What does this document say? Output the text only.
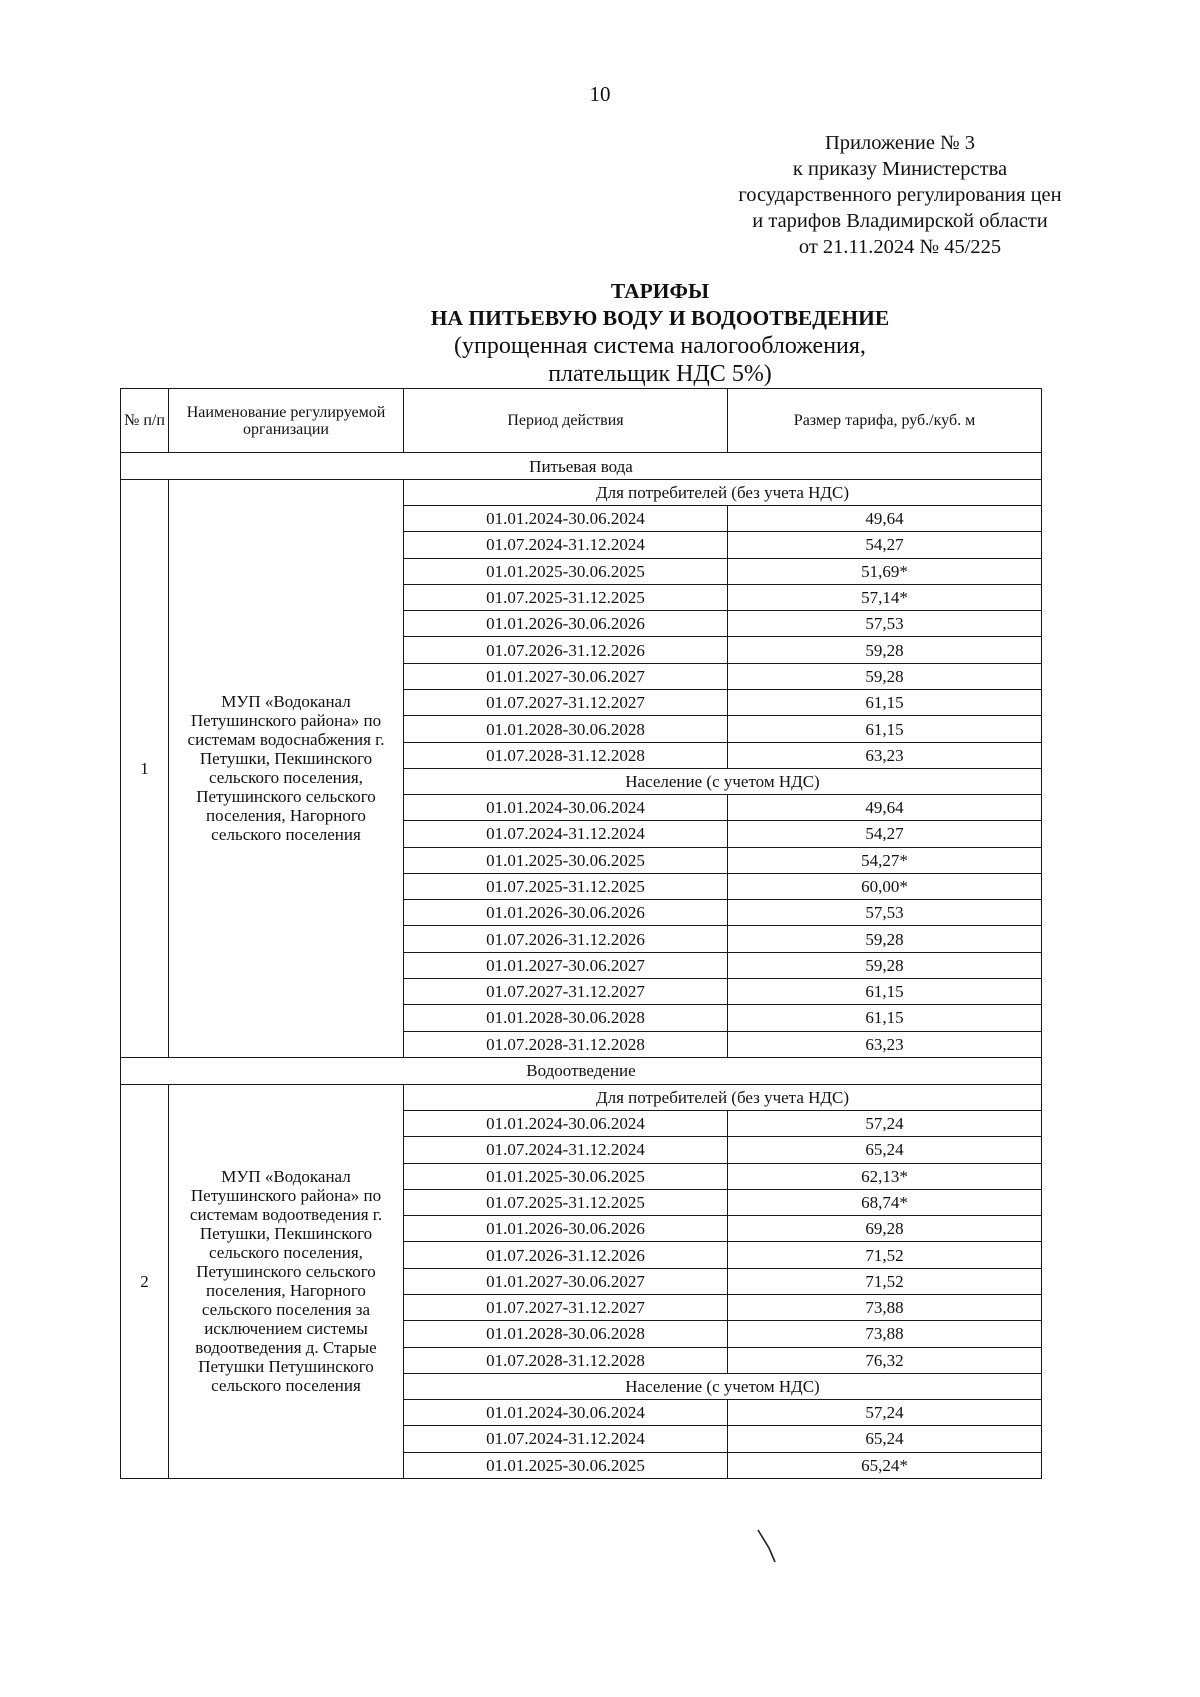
10
Приложение № 3
к приказу Министерства
государственного регулирования цен
и тарифов Владимирской области
от 21.11.2024 № 45/225
ТАРИФЫ
НА ПИТЬЕВУЮ ВОДУ И ВОДООТВЕДЕНИЕ
(упрощенная система налогообложения,
плательщик НДС 5%)
№ п/п	Наименование регулируемой организации	Период действия	Размер тарифа, руб./куб. м
Питьевая вода			
1	МУП «Водоканал Петушинского района» по системам водоснабжения г. Петушки, Пекшинского сельского поселения, Петушинского сельского поселения, Нагорного сельского поселения	Для потребителей (без учета НДС)	
		01.01.2024-30.06.2024	49,64
		01.07.2024-31.12.2024	54,27
		01.01.2025-30.06.2025	51,69*
		01.07.2025-31.12.2025	57,14*
		01.01.2026-30.06.2026	57,53
		01.07.2026-31.12.2026	59,28
		01.01.2027-30.06.2027	59,28
		01.07.2027-31.12.2027	61,15
		01.01.2028-30.06.2028	61,15
		01.07.2028-31.12.2028	63,23
		Население (с учетом НДС)	
		01.01.2024-30.06.2024	49,64
		01.07.2024-31.12.2024	54,27
		01.01.2025-30.06.2025	54,27*
		01.07.2025-31.12.2025	60,00*
		01.01.2026-30.06.2026	57,53
		01.07.2026-31.12.2026	59,28
		01.01.2027-30.06.2027	59,28
		01.07.2027-31.12.2027	61,15
		01.01.2028-30.06.2028	61,15
		01.07.2028-31.12.2028	63,23
Водоотведение			
2	МУП «Водоканал Петушинского района» по системам водоотведения г. Петушки, Пекшинского сельского поселения, Петушинского сельского поселения, Нагорного сельского поселения за исключением системы водоотведения д. Старые Петушки Петушинского сельского поселения	Для потребителей (без учета НДС)	
		01.01.2024-30.06.2024	57,24
		01.07.2024-31.12.2024	65,24
		01.01.2025-30.06.2025	62,13*
		01.07.2025-31.12.2025	68,74*
		01.01.2026-30.06.2026	69,28
		01.07.2026-31.12.2026	71,52
		01.01.2027-30.06.2027	71,52
		01.07.2027-31.12.2027	73,88
		01.01.2028-30.06.2028	73,88
		01.07.2028-31.12.2028	76,32
		Население (с учетом НДС)	
		01.01.2024-30.06.2024	57,24
		01.07.2024-31.12.2024	65,24
		01.01.2025-30.06.2025	65,24*
